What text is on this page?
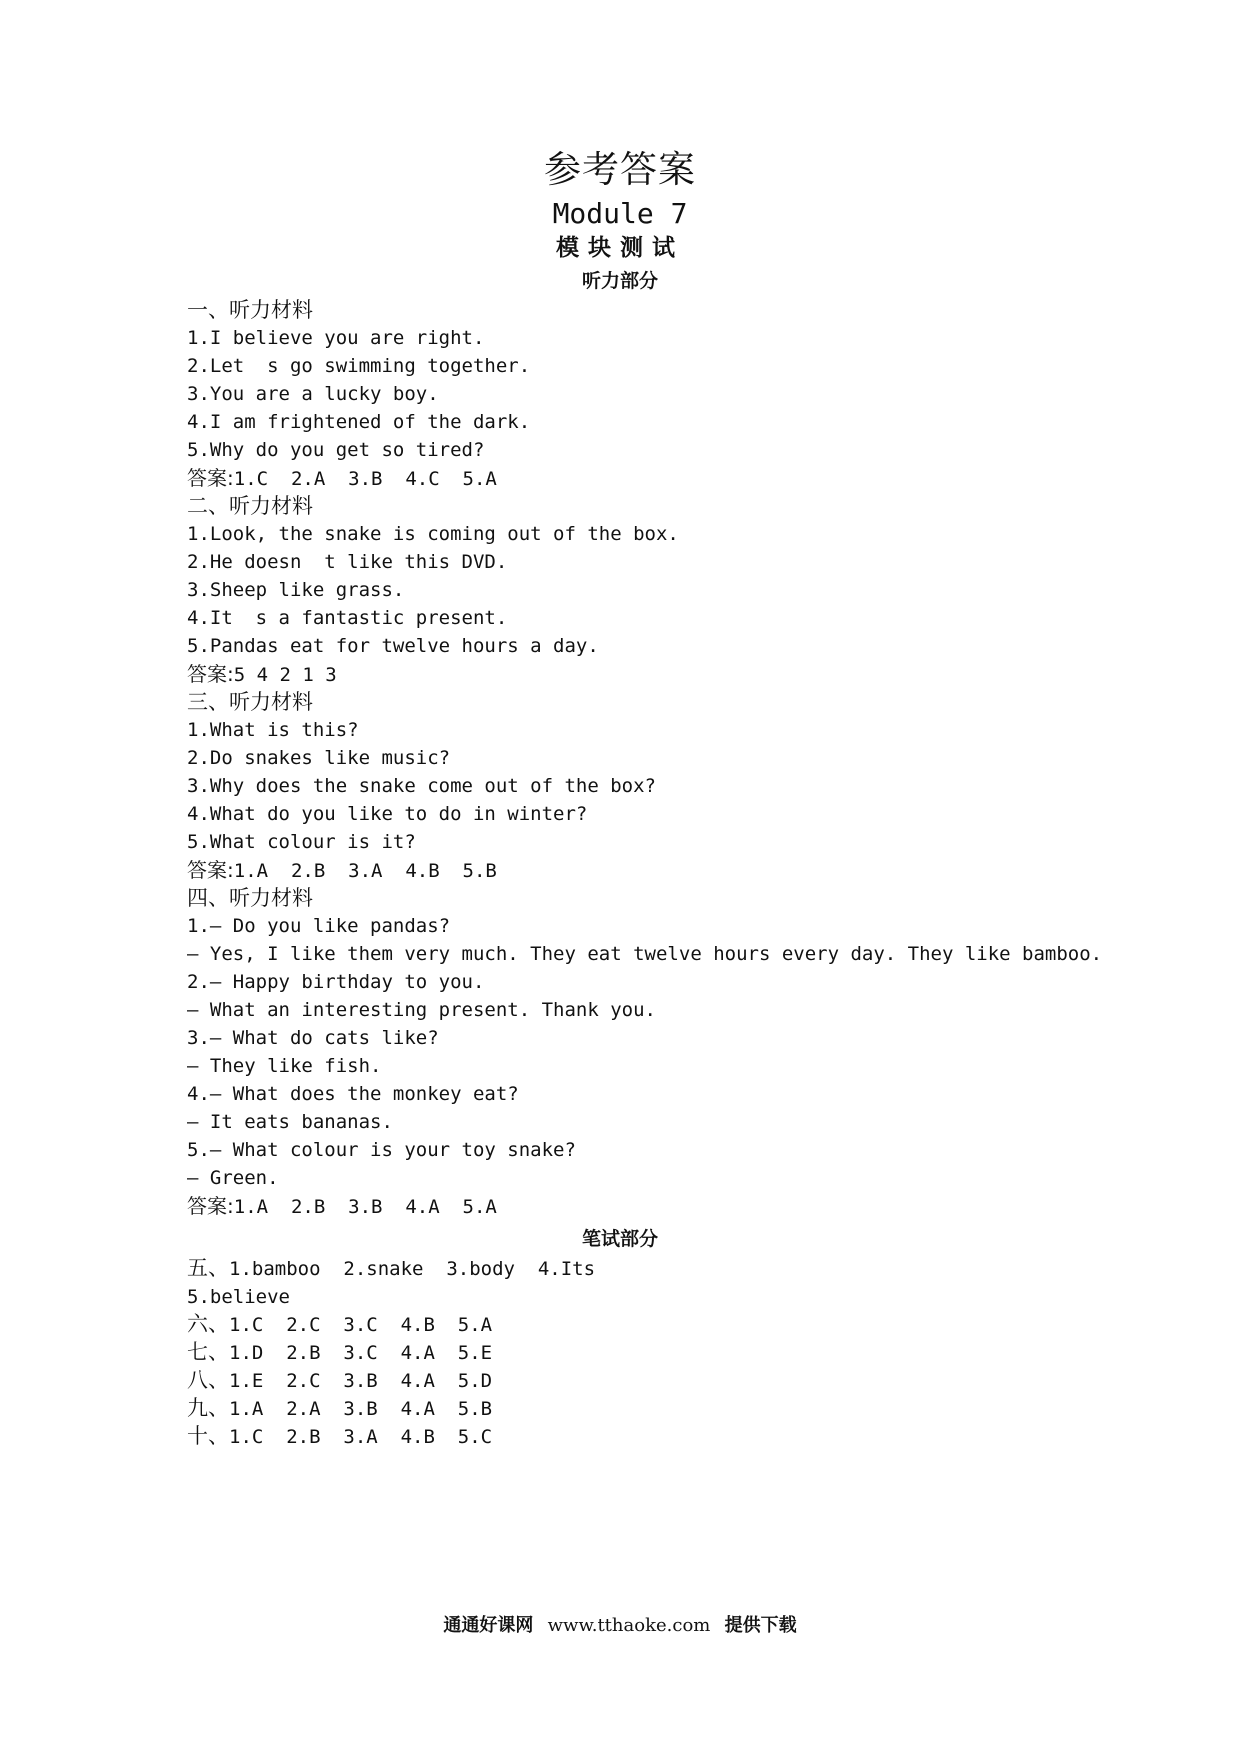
参考答案
Module 7
模块测试
听力部分
一、听力材料
1.I believe you are right.
2.Let  s go swimming together.
3.You are a lucky boy.
4.I am frightened of the dark.
5.Why do you get so tired?
答案:1.C  2.A  3.B  4.C  5.A
二、听力材料
1.Look, the snake is coming out of the box.
2.He doesn  t like this DVD.
3.Sheep like grass.
4.It  s a fantastic present.
5.Pandas eat for twelve hours a day.
答案:5 4 2 1 3
三、听力材料
1.What is this?
2.Do snakes like music?
3.Why does the snake come out of the box?
4.What do you like to do in winter?
5.What colour is it?
答案:1.A  2.B  3.A  4.B  5.B
四、听力材料
1.— Do you like pandas?
— Yes, I like them very much. They eat twelve hours every day. They like bamboo.
2.— Happy birthday to you.
— What an interesting present. Thank you.
3.— What do cats like?
— They like fish.
4.— What does the monkey eat?
— It eats bananas.
5.— What colour is your toy snake?
— Green.
答案:1.A  2.B  3.B  4.A  5.A
笔试部分
五、1.bamboo  2.snake  3.body  4.Its
5.believe
六、1.C  2.C  3.C  4.B  5.A
七、1.D  2.B  3.C  4.A  5.E
八、1.E  2.C  3.B  4.A  5.D
九、1.A  2.A  3.B  4.A  5.B
十、1.C  2.B  3.A  4.B  5.C
通通好课网 www.tthaoke.com 提供下载
